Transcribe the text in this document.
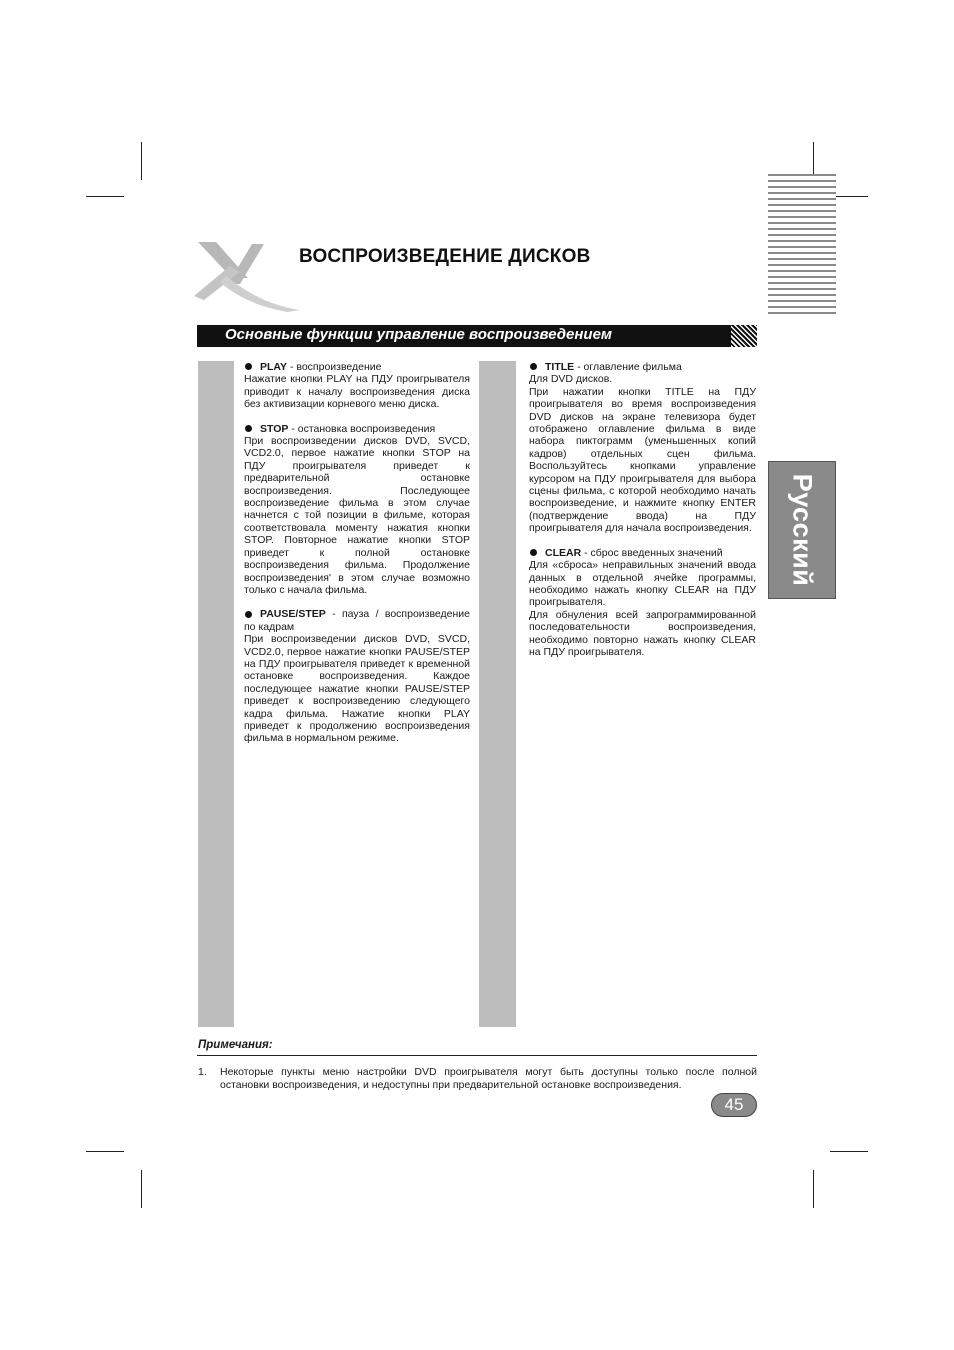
ВОСПРОИЗВЕДЕНИЕ ДИСКОВ
Основные функции управление воспроизведением

PLAY - воспроизведение

Нажатие кнопки PLAY на ПДУ проигрывателя приводит к началу воспроизведения диска без активизации корневого меню диска.

STOP - остановка воспроизведения

При воспроизведении дисков DVD, SVCD, VCD2.0, первое нажатие кнопки STOP на ПДУ проигрывателя приведет к предварительной остановке воспроизведения. Последующее воспроизведение фильма в этом случае начнется с той позиции в фильме, которая соответствовала моменту нажатия кнопки STOP. Повторное нажатие кнопки STOP приведет к полной остановке воспроизведения фильма. Продолжение воспроизведения' в этом случае возможно только с начала фильма.

PAUSE/STEP - пауза / воспроизведение по кадрам

При воспроизведении дисков DVD, SVCD, VCD2.0, первое нажатие кнопки PAUSE/STEP на ПДУ проигрывателя приведет к временной остановке воспроизведения. Каждое последующее нажатие кнопки PAUSE/STEP приведет к воспроизведению следующего кадра фильма. Нажатие кнопки PLAY приведет к продолжению воспроизведения фильма в нормальном режиме.

TITLE - оглавление фильма

Для DVD дисков.
При нажатии кнопки TITLE на ПДУ проигрывателя во время воспроизведения DVD дисков на экране телевизора будет отображено оглавление фильма в виде набора пиктограмм (уменьшенных копий кадров) отдельных сцен фильма. Воспользуйтесь кнопками управление курсором на ПДУ проигрывателя для выбора сцены фильма, с которой необходимо начать воспроизведение, и нажмите кнопку ENTER (подтверждение ввода) на ПДУ проигрывателя для начала воспроизведения.

CLEAR - сброс введенных значений

Для «сброса» неправильных значений ввода данных в отдельной ячейке программы, необходимо нажать кнопку CLEAR на ПДУ проигрывателя.
Для обнуления всей запрограммированной последовательности воспроизведения, необходимо повторно нажать кнопку CLEAR на ПДУ проигрывателя.

Русский
Примечания:
1. Некоторые пункты меню настройки DVD проигрывателя могут быть доступны только после полной остановки воспроизведения, и недоступны при предварительной остановке воспроизведения.
45
